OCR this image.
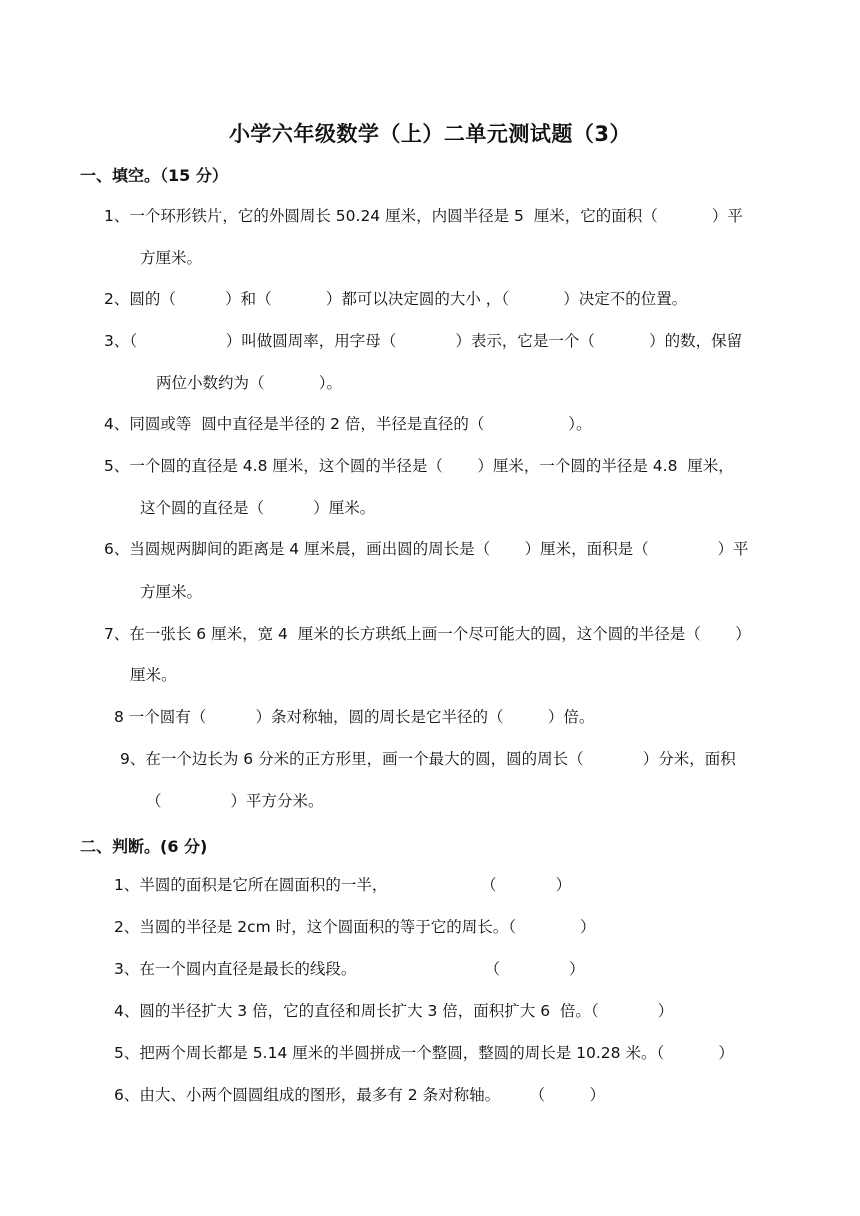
小学六年级数学（上）二单元测试题（3）
一、填空。（15 分）
1、一个环形铁片，它的外圆周长 50.24 厘米，内圆半径是 5  厘米，它的面积（           ）平
方厘米。
2、圆的（          ）和（           ）都可以决定圆的大小 ，（           ）决定不的位置。
3、（                  ）叫做圆周率，用字母（            ）表示，它是一个（           ）的数，保留
两位小数约为（           ）。
4、同圆或等  圆中直径是半径的 2 倍，半径是直径的（                 ）。
5、一个圆的直径是 4.8 厘米，这个圆的半径是（       ）厘米，一个圆的半径是 4.8  厘米，
这个圆的直径是（          ）厘米。
6、当圆规两脚间的距离是 4 厘米晨，画出圆的周长是（       ）厘米，面积是（              ）平
方厘米。
7、在一张长 6 厘米，宽 4  厘米的长方珙纸上画一个尽可能大的圆，这个圆的半径是（       ）
厘米。
8 一个圆有（          ）条对称轴，圆的周长是它半径的（         ）倍。
9、在一个边长为 6 分米的正方形里，画一个最大的圆，圆的周长（            ）分米，面积
（              ）平方分米。
二、判断。(6 分)
1、半圆的面积是它所在圆面积的一半，                   （            ）
2、当圆的半径是 2cm 时，这个圆面积的等于它的周长。（             ）
3、在一个圆内直径是最长的线段。                          （              ）
4、圆的半径扩大 3 倍，它的直径和周长扩大 3 倍，面积扩大 6  倍。（            ）
5、把两个周长都是 5.14 厘米的半圆拼成一个整圆，整圆的周长是 10.28 米。（           ）
6、由大、小两个圆圆组成的图形，最多有 2 条对称轴。      （         ）
